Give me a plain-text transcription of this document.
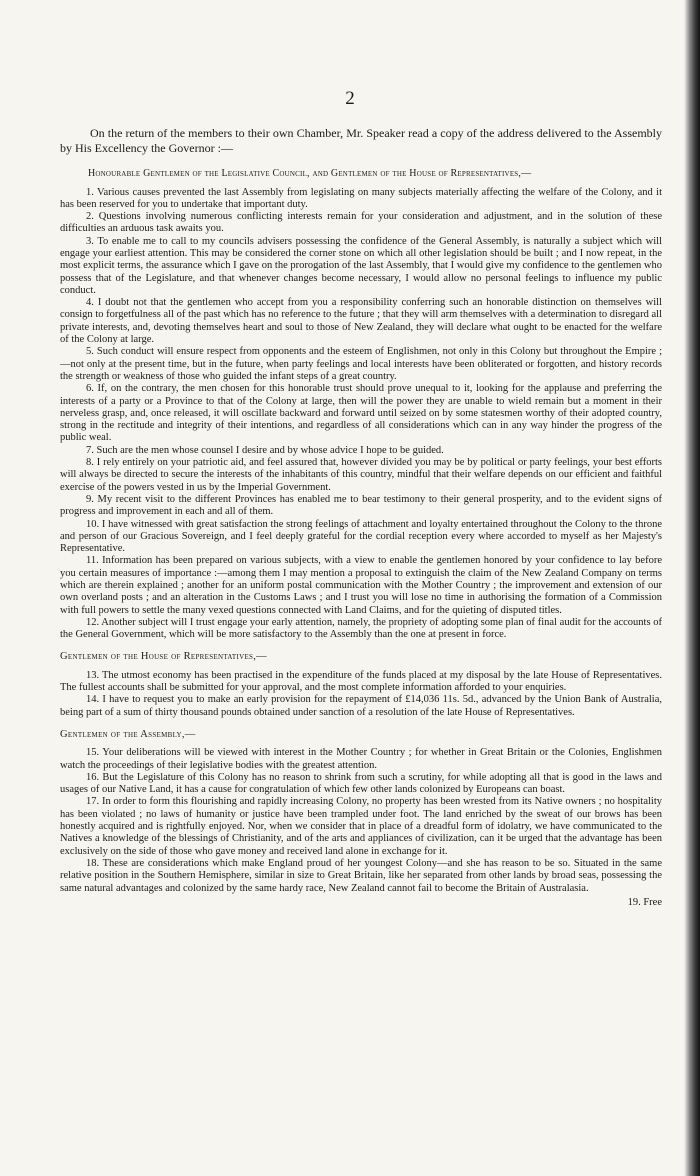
2

On the return of the members to their own Chamber, Mr. Speaker read a copy of the address delivered to the Assembly by His Excellency the Governor :—

Honourable Gentlemen of the Legislative Council, and Gentlemen of the House of Representatives,—

1. Various causes prevented the last Assembly from legislating on many subjects materially affecting the welfare of the Colony, and it has been reserved for you to undertake that important duty.

2. Questions involving numerous conflicting interests remain for your consideration and adjustment, and in the solution of these difficulties an arduous task awaits you.

3. To enable me to call to my councils advisers possessing the confidence of the General Assembly, is naturally a subject which will engage your earliest attention. This may be considered the corner stone on which all other legislation should be built ; and I now repeat, in the most explicit terms, the assurance which I gave on the prorogation of the last Assembly, that I would give my confidence to the gentlemen who possess that of the Legislature, and that whenever changes become necessary, I would allow no personal feelings to influence my public conduct.

4. I doubt not that the gentlemen who accept from you a responsibility conferring such an honorable distinction on themselves will consign to forgetfulness all of the past which has no reference to the future ; that they will arm themselves with a determination to disregard all private interests, and, devoting themselves heart and soul to those of New Zealand, they will declare what ought to be enacted for the welfare of the Colony at large.

5. Such conduct will ensure respect from opponents and the esteem of Englishmen, not only in this Colony but throughout the Empire ;—not only at the present time, but in the future, when party feelings and local interests have been obliterated or forgotten, and history records the strength or weakness of those who guided the infant steps of a great country.

6. If, on the contrary, the men chosen for this honorable trust should prove unequal to it, looking for the applause and preferring the interests of a party or a Province to that of the Colony at large, then will the power they are unable to wield remain but a moment in their nerveless grasp, and, once released, it will oscillate backward and forward until seized on by some statesmen worthy of their adopted country, strong in the rectitude and integrity of their intentions, and regardless of all considerations which can in any way hinder the progress of the public weal.

7. Such are the men whose counsel I desire and by whose advice I hope to be guided.

8. I rely entirely on your patriotic aid, and feel assured that, however divided you may be by political or party feelings, your best efforts will always be directed to secure the interests of the inhabitants of this country, mindful that their welfare depends on our efficient and faithful exercise of the powers vested in us by the Imperial Government.

9. My recent visit to the different Provinces has enabled me to bear testimony to their general prosperity, and to the evident signs of progress and improvement in each and all of them.

10. I have witnessed with great satisfaction the strong feelings of attachment and loyalty entertained throughout the Colony to the throne and person of our Gracious Sovereign, and I feel deeply grateful for the cordial reception every where accorded to myself as her Majesty's Representative.

11. Information has been prepared on various subjects, with a view to enable the gentlemen honored by your confidence to lay before you certain measures of importance :—among them I may mention a proposal to extinguish the claim of the New Zealand Company on terms which are therein explained ; another for an uniform postal communication with the Mother Country ; the improvement and extension of our own overland posts ; and an alteration in the Customs Laws ; and I trust you will lose no time in authorising the formation of a Commission with full powers to settle the many vexed questions connected with Land Claims, and for the quieting of disputed titles.

12. Another subject will I trust engage your early attention, namely, the propriety of adopting some plan of final audit for the accounts of the General Government, which will be more satisfactory to the Assembly than the one at present in force.

Gentlemen of the House of Representatives,—

13. The utmost economy has been practised in the expenditure of the funds placed at my disposal by the late House of Representatives. The fullest accounts shall be submitted for your approval, and the most complete information afforded to your enquiries.

14. I have to request you to make an early provision for the repayment of £14,036 11s. 5d., advanced by the Union Bank of Australia, being part of a sum of thirty thousand pounds obtained under sanction of a resolution of the late House of Representatives.

Gentlemen of the Assembly,—

15. Your deliberations will be viewed with interest in the Mother Country ; for whether in Great Britain or the Colonies, Englishmen watch the proceedings of their legislative bodies with the greatest attention.

16. But the Legislature of this Colony has no reason to shrink from such a scrutiny, for while adopting all that is good in the laws and usages of our Native Land, it has a cause for congratulation of which few other lands colonized by Europeans can boast.

17. In order to form this flourishing and rapidly increasing Colony, no property has been wrested from its Native owners ; no hospitality has been violated ; no laws of humanity or justice have been trampled under foot. The land enriched by the sweat of our brows has been honestly acquired and is rightfully enjoyed. Nor, when we consider that in place of a dreadful form of idolatry, we have communicated to the Natives a knowledge of the blessings of Christianity, and of the arts and appliances of civilization, can it be urged that the advantage has been exclusively on the side of those who gave money and received land alone in exchange for it.

18. These are considerations which make England proud of her youngest Colony—and she has reason to be so. Situated in the same relative position in the Southern Hemisphere, similar in size to Great Britain, like her separated from other lands by broad seas, possessing the same natural advantages and colonized by the same hardy race, New Zealand cannot fail to become the Britain of Australasia.

19. Free
